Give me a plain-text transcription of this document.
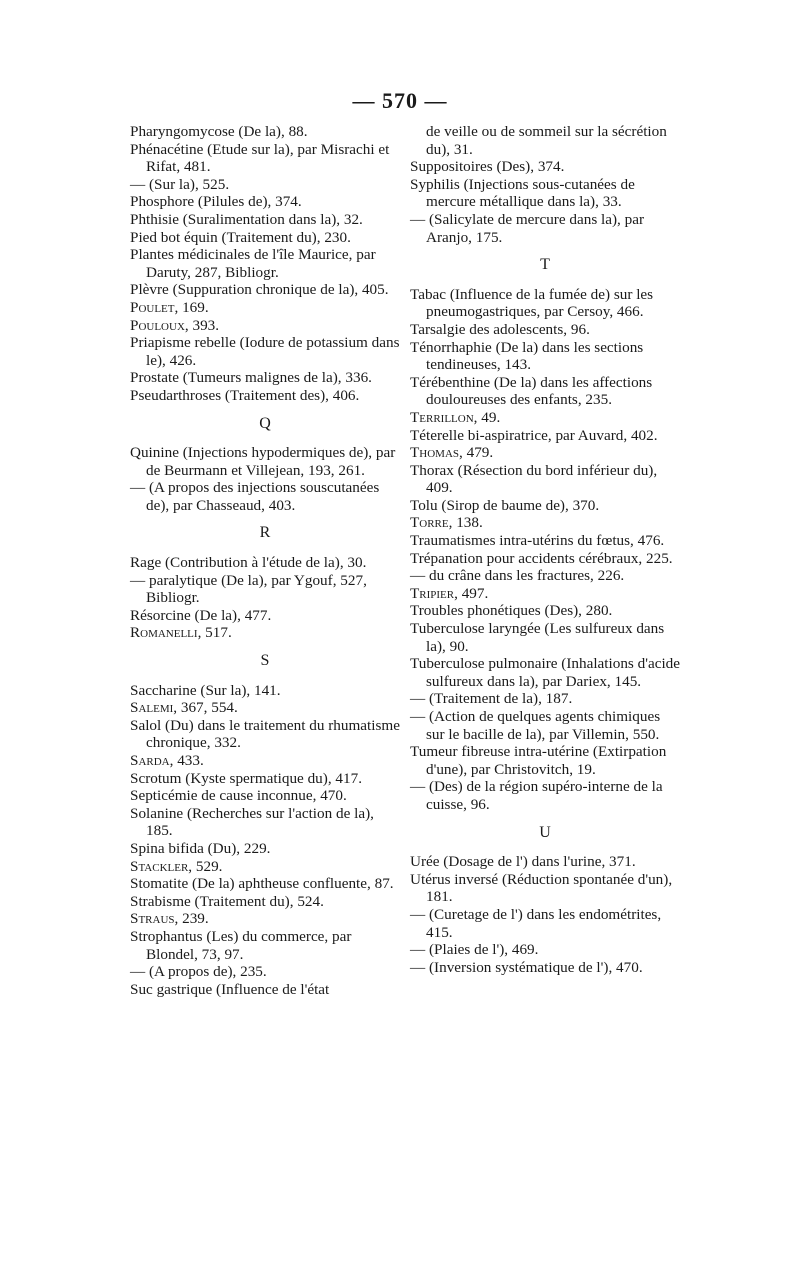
— 570 —

Pharyngomycose (De la), 88.

Phénacétine (Etude sur la), par Misrachi et Rifat, 481.

— (Sur la), 525.

Phosphore (Pilules de), 374.

Phthisie (Suralimentation dans la), 32.

Pied bot équin (Traitement du), 230.

Plantes médicinales de l'île Maurice, par Daruty, 287, Bibliogr.

Plèvre (Suppuration chronique de la), 405.

Poulet, 169.

Pouloux, 393.

Priapisme rebelle (Iodure de potassium dans le), 426.

Prostate (Tumeurs malignes de la), 336.

Pseudarthroses (Traitement des), 406.

Q

Quinine (Injections hypodermiques de), par de Beurmann et Villejean, 193, 261.

— (A propos des injections souscutanées de), par Chasseaud, 403.

R

Rage (Contribution à l'étude de la), 30.

— paralytique (De la), par Ygouf, 527, Bibliogr.

Résorcine (De la), 477.

Romanelli, 517.

S

Saccharine (Sur la), 141.

Salemi, 367, 554.

Salol (Du) dans le traitement du rhumatisme chronique, 332.

Sarda, 433.

Scrotum (Kyste spermatique du), 417.

Septicémie de cause inconnue, 470.

Solanine (Recherches sur l'action de la), 185.

Spina bifida (Du), 229.

Stackler, 529.

Stomatite (De la) aphtheuse confluente, 87.

Strabisme (Traitement du), 524.

Straus, 239.

Strophantus (Les) du commerce, par Blondel, 73, 97.

— (A propos de), 235.

Suc gastrique (Influence de l'état

de veille ou de sommeil sur la sécrétion du), 31.

Suppositoires (Des), 374.

Syphilis (Injections sous-cutanées de mercure métallique dans la), 33.

— (Salicylate de mercure dans la), par Aranjo, 175.

T

Tabac (Influence de la fumée de) sur les pneumogastriques, par Cersoy, 466.

Tarsalgie des adolescents, 96.

Ténorrhaphie (De la) dans les sections tendineuses, 143.

Térébenthine (De la) dans les affections douloureuses des enfants, 235.

Terrillon, 49.

Téterelle bi-aspiratrice, par Auvard, 402.

Thomas, 479.

Thorax (Résection du bord inférieur du), 409.

Tolu (Sirop de baume de), 370.

Torre, 138.

Traumatismes intra-utérins du fœtus, 476.

Trépanation pour accidents cérébraux, 225.

— du crâne dans les fractures, 226.

Tripier, 497.

Troubles phonétiques (Des), 280.

Tuberculose laryngée (Les sulfureux dans la), 90.

Tuberculose pulmonaire (Inhalations d'acide sulfureux dans la), par Dariex, 145.

— (Traitement de la), 187.

— (Action de quelques agents chimiques sur le bacille de la), par Villemin, 550.

Tumeur fibreuse intra-utérine (Extirpation d'une), par Christovitch, 19.

— (Des) de la région supéro-interne de la cuisse, 96.

U

Urée (Dosage de l') dans l'urine, 371.

Utérus inversé (Réduction spontanée d'un), 181.

— (Curetage de l') dans les endométrites, 415.

— (Plaies de l'), 469.

— (Inversion systématique de l'), 470.
